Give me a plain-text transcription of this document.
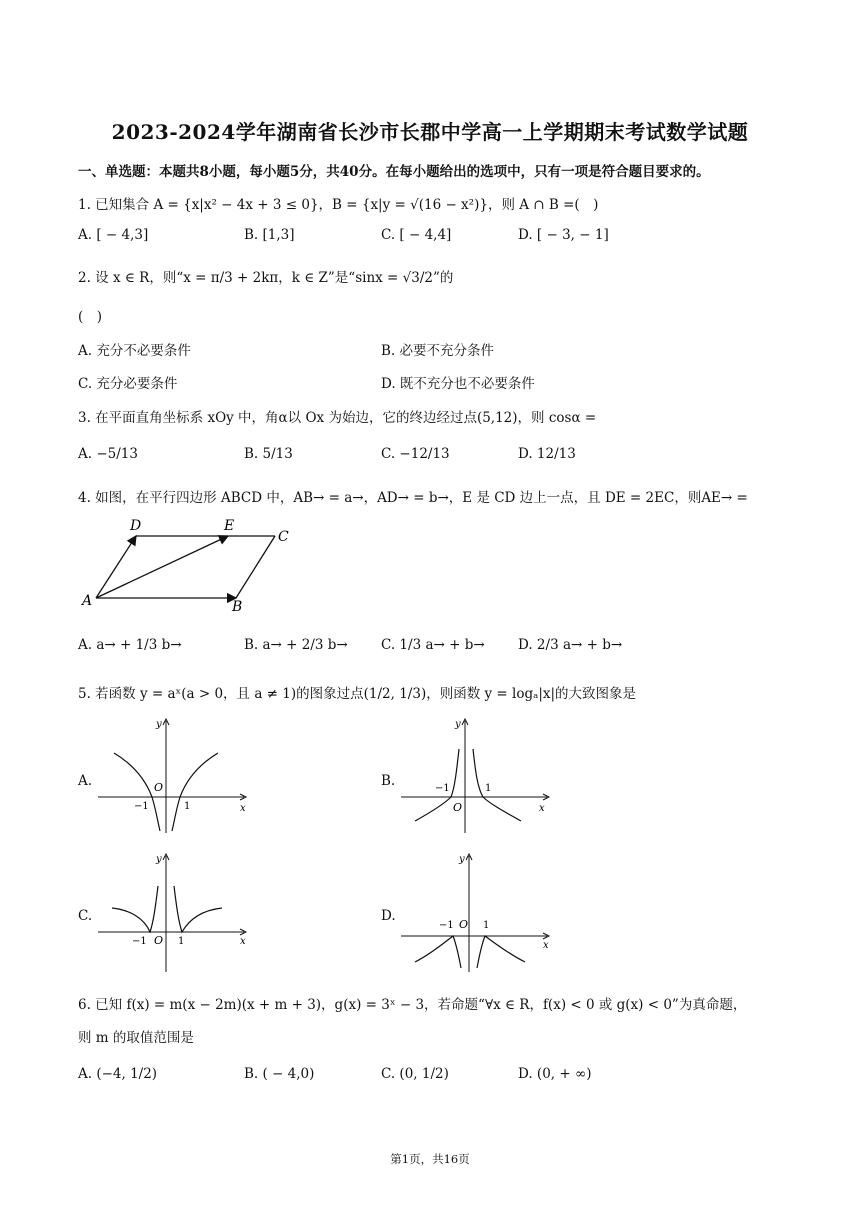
2023-2024学年湖南省长沙市长郡中学高一上学期期末考试数学试题
一、单选题：本题共8小题，每小题5分，共40分。在每小题给出的选项中，只有一项是符合题目要求的。
1. 已知集合 A = {x|x² − 4x + 3 ≤ 0}，B = {x|y = √(16 − x²)}，则 A ∩ B =(　)
A. [ − 4,3]	B. [1,3]	C. [ − 4,4]	D. [ − 3, − 1]
2. 设 x ∈ R，则“x = π/3 + 2kπ，k ∈ Z”是“sinx = √3/2”的
(　)
A. 充分不必要条件	B. 必要不充分条件
C. 充分必要条件	D. 既不充分也不必要条件
3. 在平面直角坐标系 xOy 中，角α以 Ox 为始边，它的终边经过点(5,12)，则 cosα =
A. −5/13	B. 5/13	C. −12/13	D. 12/13
4. 如图，在平行四边形 ABCD 中，AB→ = a→，AD→ = b→，E 是 CD 边上一点，且 DE = 2EC，则AE→ =
A	B
C
D	E
A. a→ + 1/3 b→	B. a→ + 2/3 b→ C. 1/3 a→ + b→ D. 2/3 a→ + b→
5. 若函数 y = aˣ(a > 0，且 a ≠ 1)的图象过点(1/2, 1/3)，则函数 y = logₐ|x|的大致图象是
A.	O
−1	1	x
y
B.
O
−1	1
x
y
C.
O
−1	1	x
y
D.
−1 O 1
x
y
6. 已知 f(x) = m(x − 2m)(x + m + 3)，g(x) = 3ˣ − 3，若命题“∀x ∈ R，f(x) < 0 或 g(x) < 0”为真命题，
则 m 的取值范围是
A. (−4, 1/2)	B. ( − 4,0)	C. (0, 1/2)	D. (0, + ∞)
第1页，共16页
